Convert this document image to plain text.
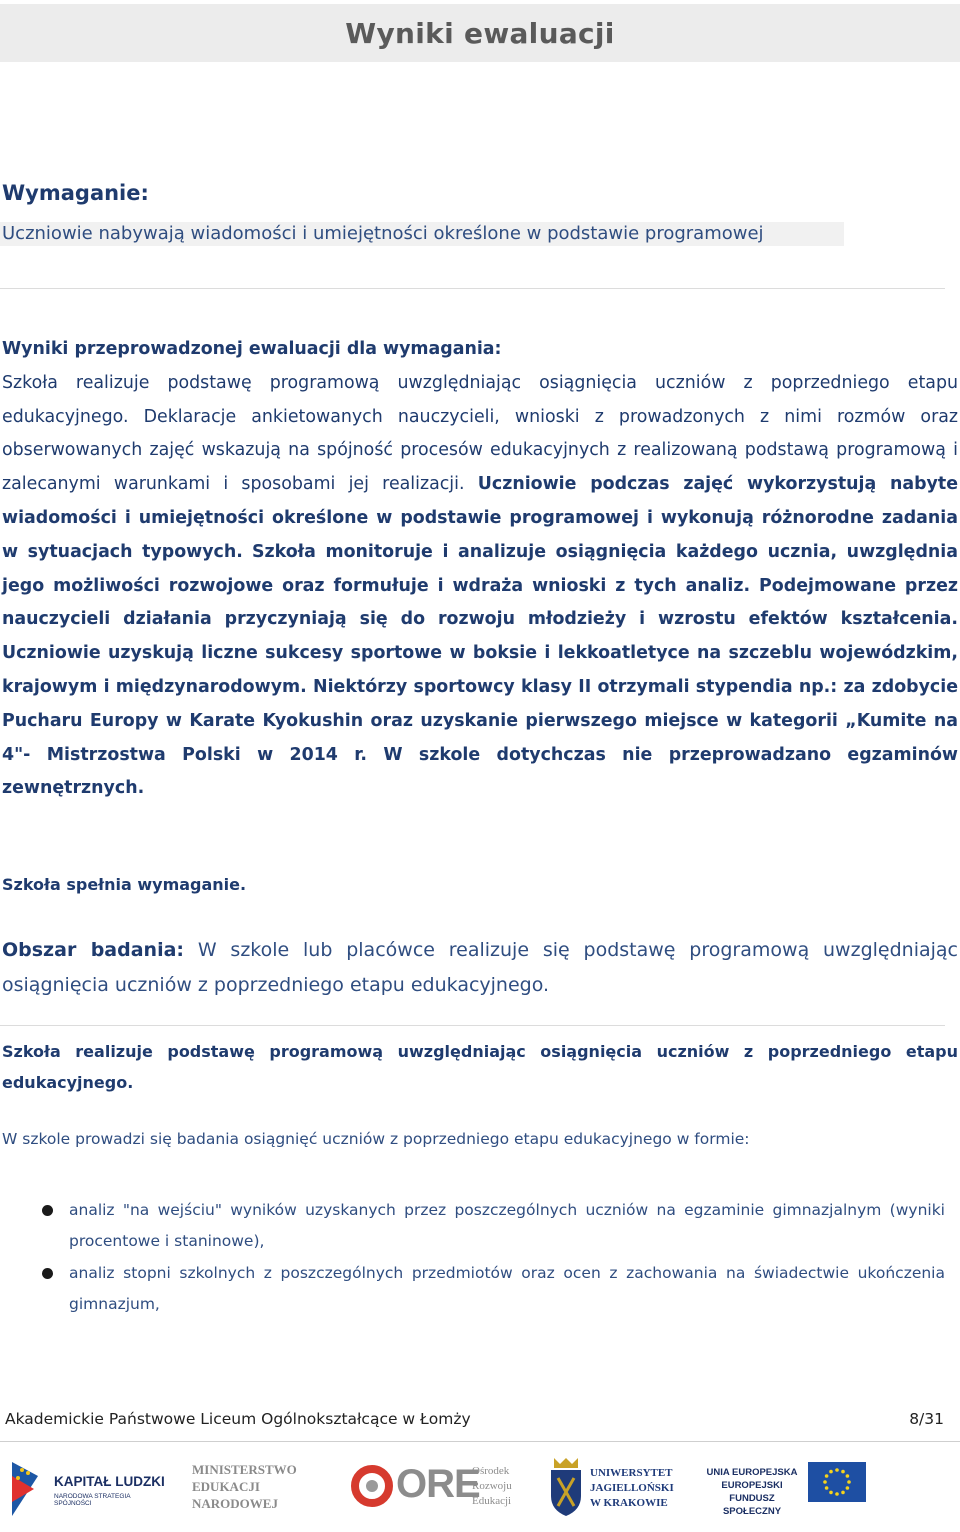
Wyniki ewaluacji
Wymaganie:
Uczniowie nabywają wiadomości i umiejętności określone w podstawie programowej
Wyniki przeprowadzonej ewaluacji dla wymagania:
Szkoła realizuje podstawę programową uwzględniając osiągnięcia uczniów z poprzedniego etapu edukacyjnego. Deklaracje ankietowanych nauczycieli, wnioski z prowadzonych z nimi rozmów oraz obserwowanych zajęć wskazują na spójność procesów edukacyjnych z realizowaną podstawą programową i zalecanymi warunkami i sposobami jej realizacji. Uczniowie podczas zajęć wykorzystują nabyte wiadomości i umiejętności określone w podstawie programowej i wykonują różnorodne zadania w sytuacjach typowych. Szkoła monitoruje i analizuje osiągnięcia każdego ucznia, uwzględnia jego możliwości rozwojowe oraz formułuje i wdraża wnioski z tych analiz. Podejmowane przez nauczycieli działania przyczyniają się do rozwoju młodzieży i wzrostu efektów kształcenia. Uczniowie uzyskują liczne sukcesy sportowe w boksie i lekkoatletyce na szczeblu wojewódzkim, krajowym i międzynarodowym. Niektórzy sportowcy klasy II otrzymali stypendia np.: za zdobycie Pucharu Europy w Karate Kyokushin oraz uzyskanie pierwszego miejsce w kategorii „Kumite na 4"- Mistrzostwa Polski w 2014 r. W szkole dotychczas nie przeprowadzano egzaminów zewnętrznych.
Szkoła spełnia wymaganie.
Obszar badania: W szkole lub placówce realizuje się podstawę programową uwzględniając osiągnięcia uczniów z poprzedniego etapu edukacyjnego.
Szkoła realizuje podstawę programową uwzględniając osiągnięcia uczniów z poprzedniego etapu edukacyjnego.
W szkole prowadzi się badania osiągnięć uczniów z poprzedniego etapu edukacyjnego w formie:
analiz "na wejściu" wyników uzyskanych przez poszczególnych uczniów na egzaminie gimnazjalnym (wyniki procentowe i staninowe),
analiz stopni szkolnych z poszczególnych przedmiotów oraz ocen z zachowania na świadectwie ukończenia gimnazjum,
Akademickie Państwowe Liceum Ogólnokształcące w Łomży	8/31
KAPITAŁ LUDZKI
NARODOWA STRATEGIA SPÓJNOŚCI
MINISTERSTWO
EDUKACJI
NARODOWEJ	ORE
Ośrodek
Rozwoju
Edukacji
UNIWERSYTET
JAGIELLOŃSKI
W KRAKOWIE
UNIA EUROPEJSKA
EUROPEJSKI
FUNDUSZ SPOŁECZNY
